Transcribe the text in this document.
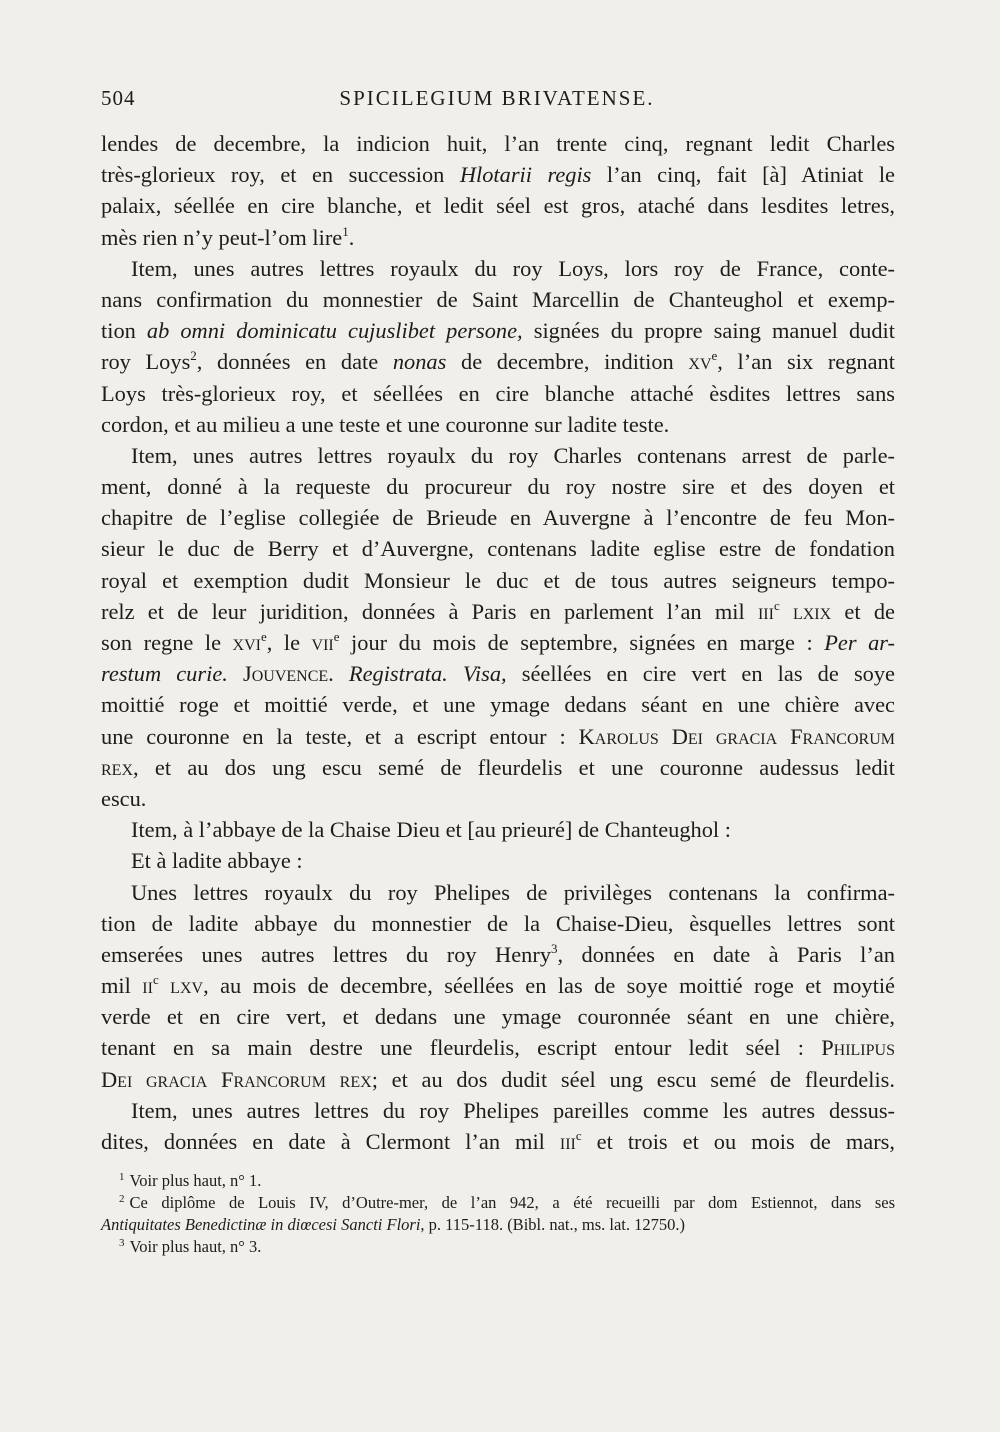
504	SPICILEGIUM BRIVATENSE.
lendes de decembre, la indicion huit, l’an trente cinq, regnant ledit Charles
très-glorieux roy, et en succession Hlotarii regis l’an cinq, fait [à] Atiniat le
palaix, séellée en cire blanche, et ledit séel est gros, ataché dans lesdites letres,
mès rien n’y peut-l’om lire$^1$.
Item, unes autres lettres royaulx du roy Loys, lors roy de France, conte-
nans confirmation du monnestier de Saint Marcellin de Chanteughol et exemp-
tion ab omni dominicatu cujuslibet persone, signées du propre saing manuel dudit
roy Loys$^2$, données en date nonas de decembre, indition $xv^e$, l’an six regnant
Loys très-glorieux roy, et séellées en cire blanche attaché èsdites lettres sans
cordon, et au milieu a une teste et une couronne sur ladite teste.
Item, unes autres lettres royaulx du roy Charles contenans arrest de parle-
ment, donné à la requeste du procureur du roy nostre sire et des doyen et
chapitre de l’eglise collegiée de Brieude en Auvergne à l’encontre de feu Mon-
sieur le duc de Berry et d’Auvergne, contenans ladite eglise estre de fondation
royal et exemption dudit Monsieur le duc et de tous autres seigneurs tempo-
relz et de leur juridition, données à Paris en parlement l’an mil iii$^c$ lxix et de
son regne le xvi$^e$, le vii$^e$ jour du mois de septembre, signées en marge : Per ar-
restum curie. Jouvence. Registrata. Visa, séellées en cire vert en las de soye
moittié roge et moittié verde, et une ymage dedans séant en une chière avec
une couronne en la teste, et a escript entour : Karolus Dei gracia Francorum
rex, et au dos ung escu semé de fleurdelis et une couronne audessus ledit
escu.
Item, à l’abbaye de la Chaise Dieu et [au prieuré] de Chanteughol :
Et à ladite abbaye :
Unes lettres royaulx du roy Phelipes de privilèges contenans la confirma-
tion de ladite abbaye du monnestier de la Chaise-Dieu, èsquelles lettres sont
emserées unes autres lettres du roy Henry$^3$, données en date à Paris l’an
mil $ii^c$ lxv, au mois de decembre, séellées en las de soye moittié roge et moytié
verde et en cire vert, et dedans une ymage couronnée séant en une chière,
tenant en sa main destre une fleurdelis, escript entour ledit séel : Philipus
Dei gracia Francorum rex; et au dos dudit séel ung escu semé de fleurdelis.
Item, unes autres lettres du roy Phelipes pareilles comme les autres dessus-
dites, données en date à Clermont l’an mil iii$^c$ et trois et ou mois de mars,
$^1$ Voir plus haut, n° 1.
$^2$ Ce diplôme de Louis IV, d’Outre-mer, de l’an 942, a été recueilli par dom Estiennot, dans ses
Antiquitates Benedictinæ in diœcesi Sancti Flori, p. 115-118. (Bibl. nat., ms. lat. 12750.)
$^3$ Voir plus haut, n° 3.
